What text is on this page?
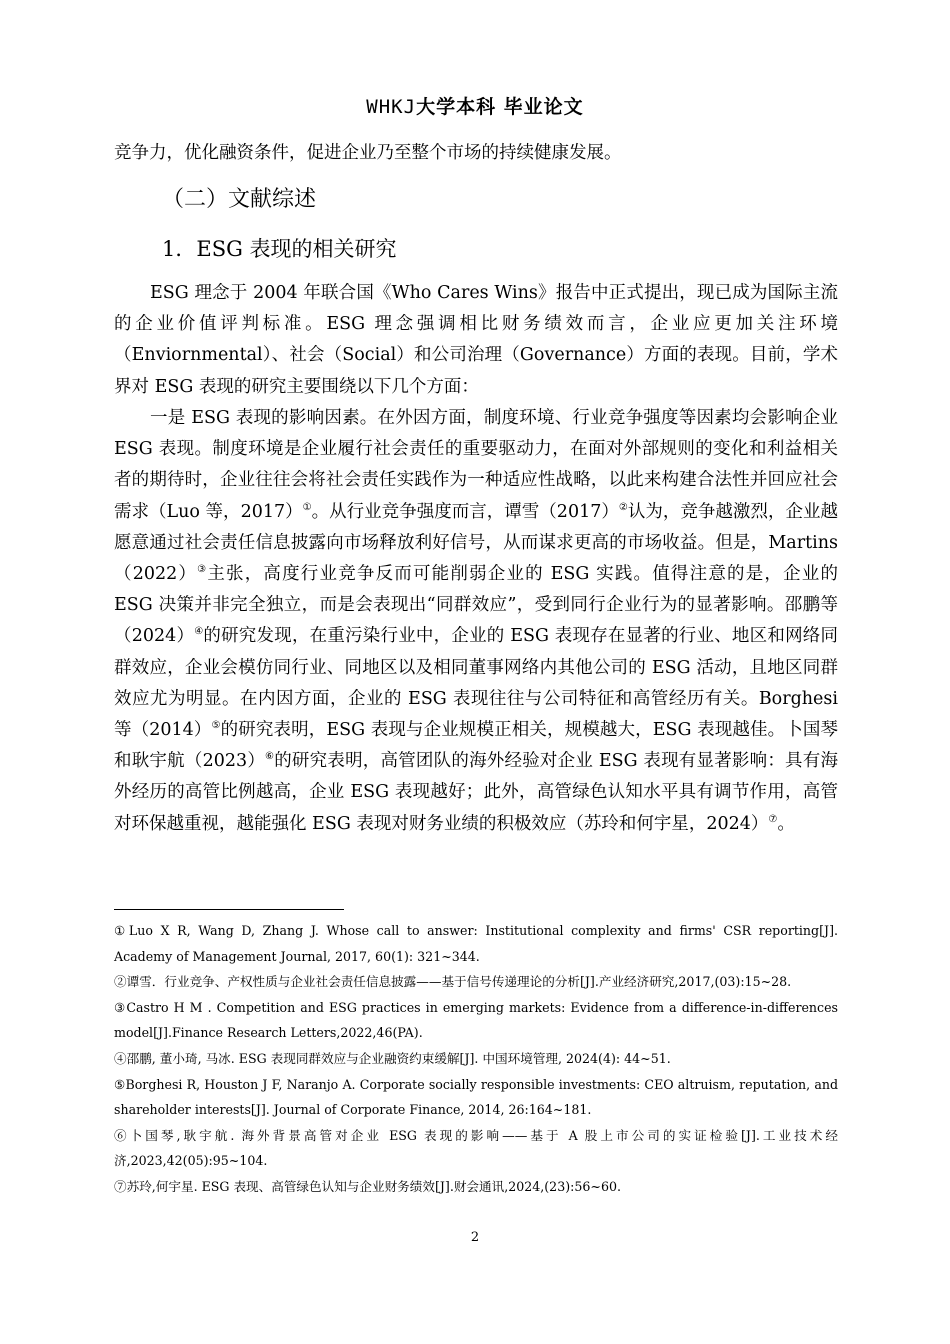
WHKJ大学本科 毕业论文
竞争力，优化融资条件，促进企业乃至整个市场的持续健康发展。
（二）文献综述
1．ESG 表现的相关研究
ESG 理念于 2004 年联合国《Who Cares Wins》报告中正式提出，现已成为国际主流的企业价值评判标准。ESG 理念强调相比财务绩效而言，企业应更加关注环境（Enviornmental）、社会（Social）和公司治理（Governance）方面的表现。目前，学术界对 ESG 表现的研究主要围绕以下几个方面：
一是 ESG 表现的影响因素。在外因方面，制度环境、行业竞争强度等因素均会影响企业 ESG 表现。制度环境是企业履行社会责任的重要驱动力，在面对外部规则的变化和利益相关者的期待时，企业往往会将社会责任实践作为一种适应性战略，以此来构建合法性并回应社会需求（Luo 等，2017）①。从行业竞争强度而言，谭雪（2017）②认为，竞争越激烈，企业越愿意通过社会责任信息披露向市场释放利好信号，从而谋求更高的市场收益。但是，Martins（2022）③主张，高度行业竞争反而可能削弱企业的 ESG 实践。值得注意的是，企业的 ESG 决策并非完全独立，而是会表现出“同群效应”，受到同行企业行为的显著影响。邵鹏等（2024）④的研究发现，在重污染行业中，企业的 ESG 表现存在显著的行业、地区和网络同群效应，企业会模仿同行业、同地区以及相同董事网络内其他公司的 ESG 活动，且地区同群效应尤为明显。在内因方面，企业的 ESG 表现往往与公司特征和高管经历有关。Borghesi 等（2014）⑤的研究表明，ESG 表现与企业规模正相关，规模越大，ESG 表现越佳。卜国琴和耿宇航（2023）⑥的研究表明，高管团队的海外经验对企业 ESG 表现有显著影响：具有海外经历的高管比例越高，企业 ESG 表现越好；此外，高管绿色认知水平具有调节作用，高管对环保越重视，越能强化 ESG 表现对财务业绩的积极效应（苏玲和何宇星，2024）⑦。

①Luo X R, Wang D, Zhang J. Whose call to answer: Institutional complexity and firms' CSR reporting[J]. Academy of Management Journal, 2017, 60(1): 321~344.

②谭雪．行业竞争、产权性质与企业社会责任信息披露——基于信号传递理论的分析[J].产业经济研究,2017,(03):15~28.

③Castro H M . Competition and ESG practices in emerging markets: Evidence from a difference-in-differences model[J].Finance Research Letters,2022,46(PA).

④邵鹏, 董小琦, 马冰. ESG 表现同群效应与企业融资约束缓解[J]. 中国环境管理, 2024(4): 44~51.

⑤Borghesi R, Houston J F, Naranjo A. Corporate socially responsible investments: CEO altruism, reputation, and shareholder interests[J]. Journal of Corporate Finance, 2014, 26:164~181.

⑥卜国琴,耿宇航. 海外背景高管对企业 ESG 表现的影响——基于 A 股上市公司的实证检验[J].工业技术经济,2023,42(05):95~104.

⑦苏玲,何宇星. ESG 表现、高管绿色认知与企业财务绩效[J].财会通讯,2024,(23):56~60.

2
